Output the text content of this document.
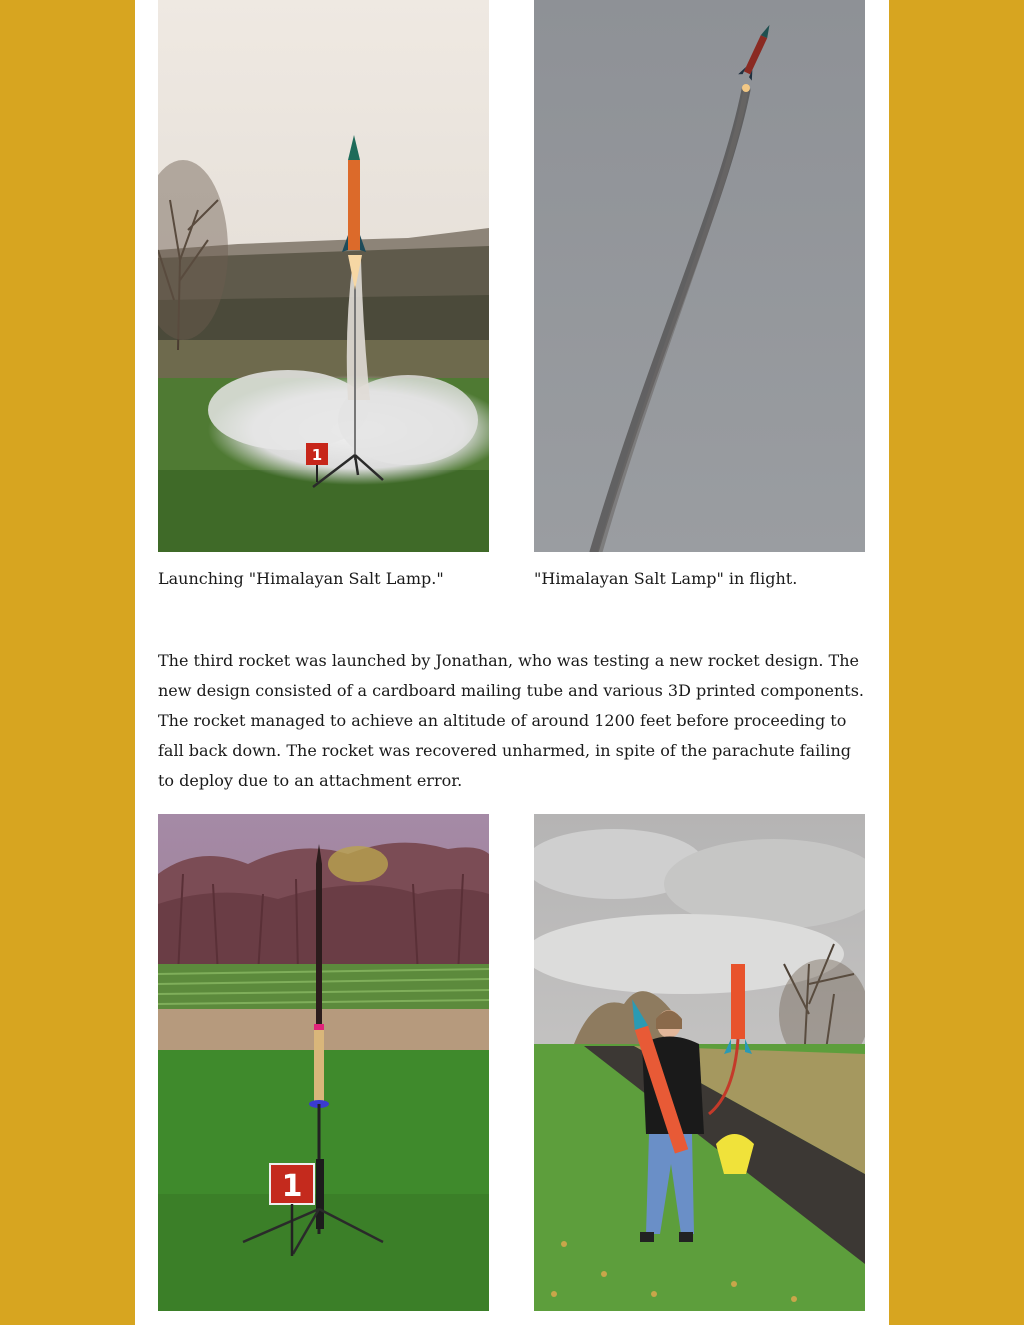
1
Launching "Himalayan Salt Lamp."	"Himalayan Salt Lamp" in flight.

The third rocket was launched by Jonathan, who was testing a new rocket design. The new design consisted of a cardboard mailing tube and various 3D printed components. The rocket managed to achieve an altitude of around 1200 feet before proceeding to fall back down. The rocket was recovered unharmed, in spite of the parachute failing to deploy due to an attachment error.

1
